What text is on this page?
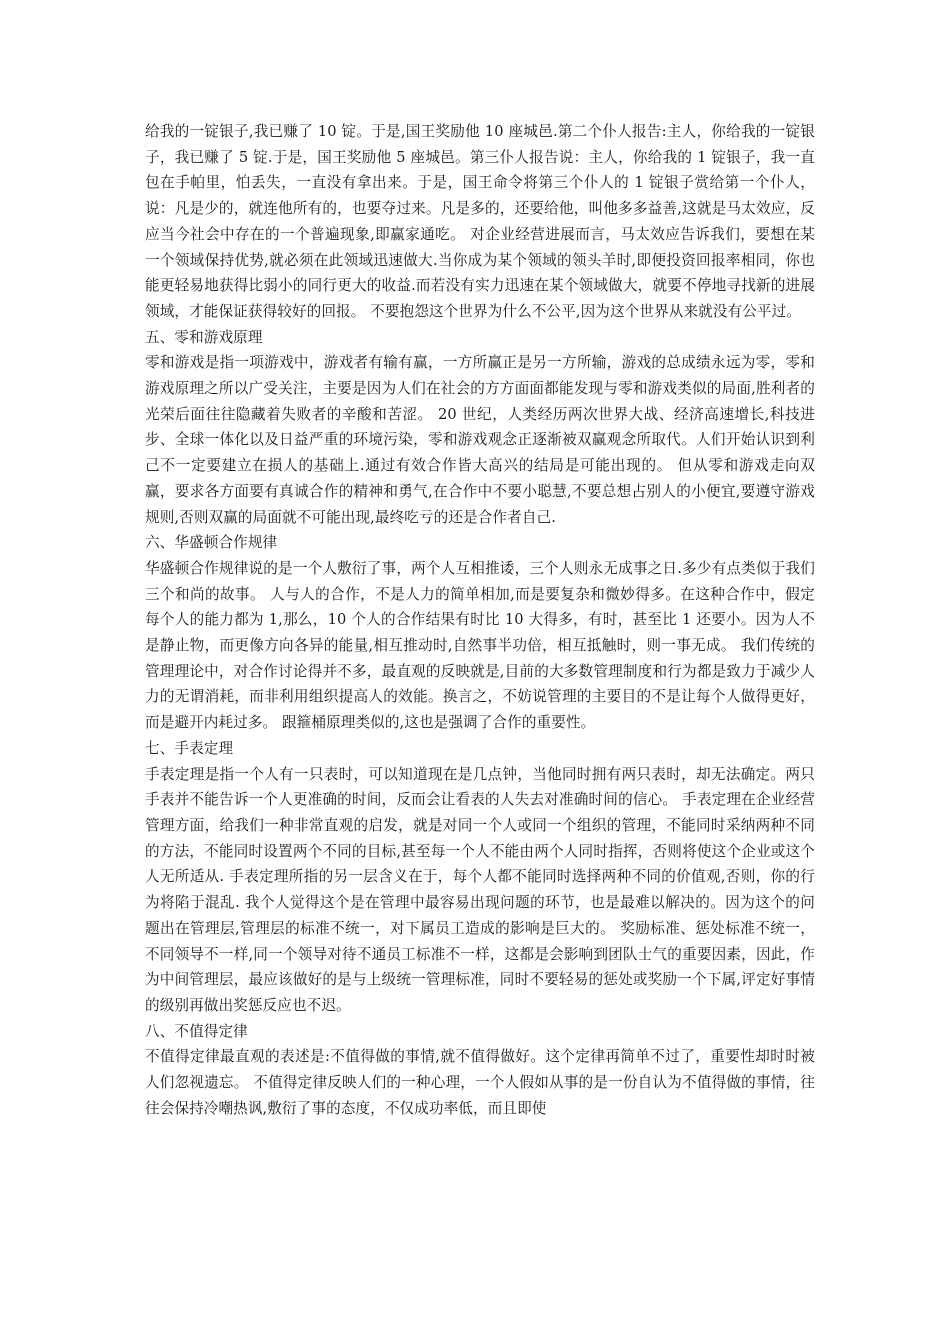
给我的一锭银子,我已赚了 10 锭。于是,国王奖励他 10 座城邑.第二个仆人报告:主人，你给我的一锭银子，我已赚了 5 锭.于是，国王奖励他 5 座城邑。第三仆人报告说：主人，你给我的 1 锭银子，我一直包在手帕里，怕丢失，一直没有拿出来。于是，国王命令将第三个仆人的 1 锭银子赏给第一个仆人，说：凡是少的，就连他所有的，也要夺过来。凡是多的，还要给他，叫他多多益善,这就是马太效应，反应当今社会中存在的一个普遍现象,即赢家通吃。 对企业经营进展而言，马太效应告诉我们，要想在某一个领域保持优势,就必须在此领域迅速做大.当你成为某个领域的领头羊时,即便投资回报率相同，你也能更轻易地获得比弱小的同行更大的收益.而若没有实力迅速在某个领域做大，就要不停地寻找新的进展领域，才能保证获得较好的回报。 不要抱怨这个世界为什么不公平,因为这个世界从来就没有公平过。

五、零和游戏原理

零和游戏是指一项游戏中，游戏者有输有赢，一方所赢正是另一方所输，游戏的总成绩永远为零，零和游戏原理之所以广受关注，主要是因为人们在社会的方方面面都能发现与零和游戏类似的局面,胜利者的光荣后面往往隐藏着失败者的辛酸和苦涩。 20 世纪，人类经历两次世界大战、经济高速增长,科技进步、全球一体化以及日益严重的环境污染，零和游戏观念正逐渐被双赢观念所取代。人们开始认识到利己不一定要建立在损人的基础上.通过有效合作皆大高兴的结局是可能出现的。 但从零和游戏走向双赢，要求各方面要有真诚合作的精神和勇气,在合作中不要小聪慧,不要总想占别人的小便宜,要遵守游戏规则,否则双赢的局面就不可能出现,最终吃亏的还是合作者自己.

六、华盛顿合作规律

华盛顿合作规律说的是一个人敷衍了事，两个人互相推诿，三个人则永无成事之日.多少有点类似于我们三个和尚的故事。 人与人的合作，不是人力的简单相加,而是要复杂和微妙得多。在这种合作中，假定每个人的能力都为 1,那么，10 个人的合作结果有时比 10 大得多，有时，甚至比 1 还要小。因为人不是静止物，而更像方向各异的能量,相互推动时,自然事半功倍，相互抵触时，则一事无成。 我们传统的管理理论中，对合作讨论得并不多，最直观的反映就是,目前的大多数管理制度和行为都是致力于减少人力的无谓消耗，而非利用组织提高人的效能。换言之，不妨说管理的主要目的不是让每个人做得更好，而是避开内耗过多。 跟箍桶原理类似的,这也是强调了合作的重要性。

七、手表定理

手表定理是指一个人有一只表时，可以知道现在是几点钟，当他同时拥有两只表时，却无法确定。两只手表并不能告诉一个人更准确的时间，反而会让看表的人失去对准确时间的信心。 手表定理在企业经营管理方面，给我们一种非常直观的启发，就是对同一个人或同一个组织的管理，不能同时采纳两种不同的方法，不能同时设置两个不同的目标,甚至每一个人不能由两个人同时指挥，否则将使这个企业或这个人无所适从. 手表定理所指的另一层含义在于，每个人都不能同时选择两种不同的价值观,否则，你的行为将陷于混乱. 我个人觉得这个是在管理中最容易出现问题的环节，也是最难以解决的。因为这个的问题出在管理层,管理层的标准不统一，对下属员工造成的影响是巨大的。 奖励标准、惩处标准不统一，不同领导不一样,同一个领导对待不通员工标准不一样，这都是会影响到团队士气的重要因素，因此，作为中间管理层，最应该做好的是与上级统一管理标准，同时不要轻易的惩处或奖励一个下属,评定好事情的级别再做出奖惩反应也不迟。

八、不值得定律

不值得定律最直观的表述是:不值得做的事情,就不值得做好。这个定律再简单不过了，重要性却时时被人们忽视遗忘。 不值得定律反映人们的一种心理，一个人假如从事的是一份自认为不值得做的事情，往往会保持冷嘲热讽,敷衍了事的态度，不仅成功率低，而且即使
